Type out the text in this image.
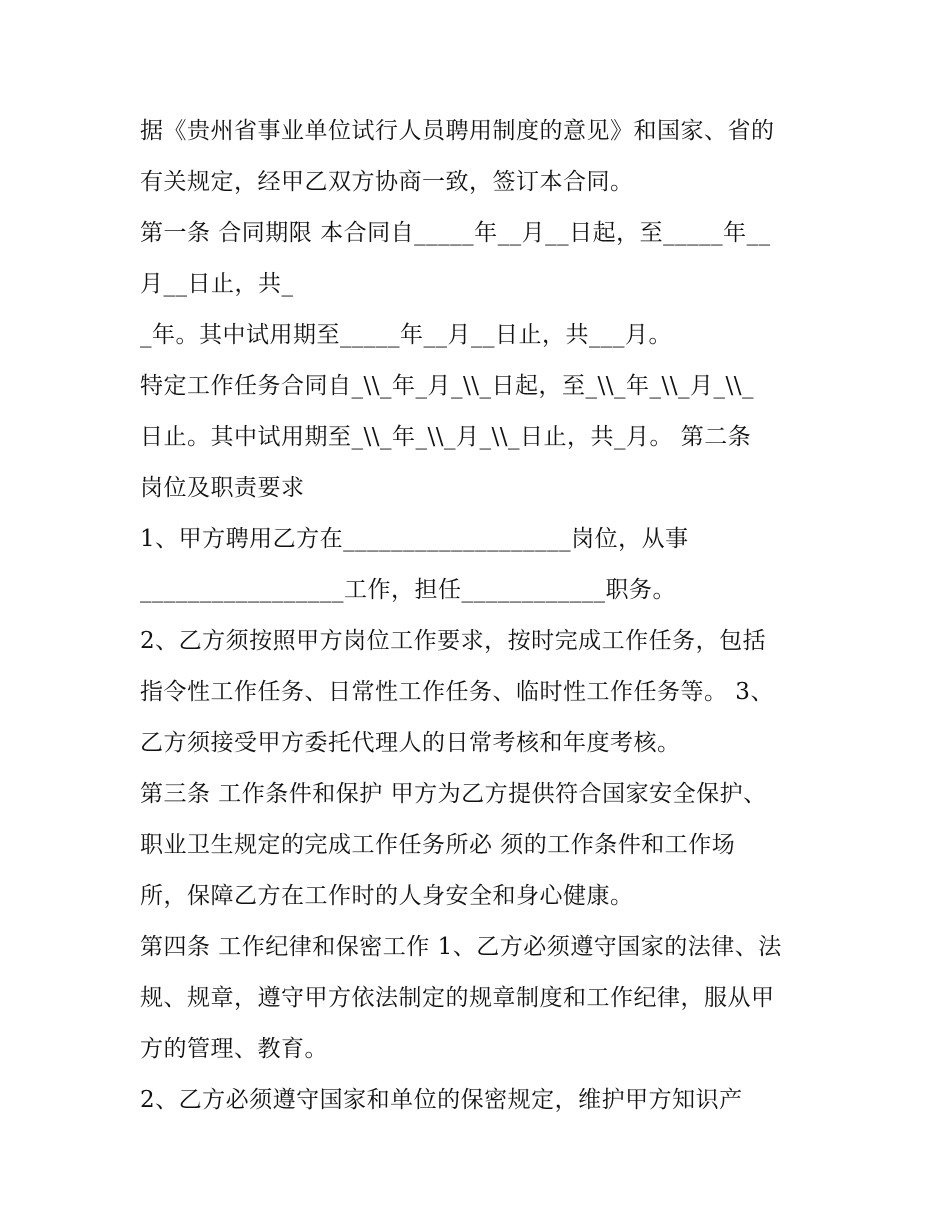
据《贵州省事业单位试行人员聘用制度的意见》和国家、省的
有关规定，经甲乙双方协商一致，签订本合同。
第一条 合同期限 本合同自_____年__月__日起，至_____年__
月__日止，共_
_年。其中试用期至_____年__月__日止，共___月。
特定工作任务合同自_\\_年_月_\\_日起，至_\\_年_\\_月_\\_
日止。其中试用期至_\\_年_\\_月_\\_日止，共_月。 第二条
岗位及职责要求
1、甲方聘用乙方在___________________岗位，从事
_________________工作，担任____________职务。
2、乙方须按照甲方岗位工作要求，按时完成工作任务，包括
指令性工作任务、日常性工作任务、临时性工作任务等。 3、
乙方须接受甲方委托代理人的日常考核和年度考核。
第三条 工作条件和保护 甲方为乙方提供符合国家安全保护、
职业卫生规定的完成工作任务所必 须的工作条件和工作场
所，保障乙方在工作时的人身安全和身心健康。
第四条 工作纪律和保密工作 1、乙方必须遵守国家的法律、法
规、规章，遵守甲方依法制定的规章制度和工作纪律，服从甲
方的管理、教育。
2、乙方必须遵守国家和单位的保密规定，维护甲方知识产
